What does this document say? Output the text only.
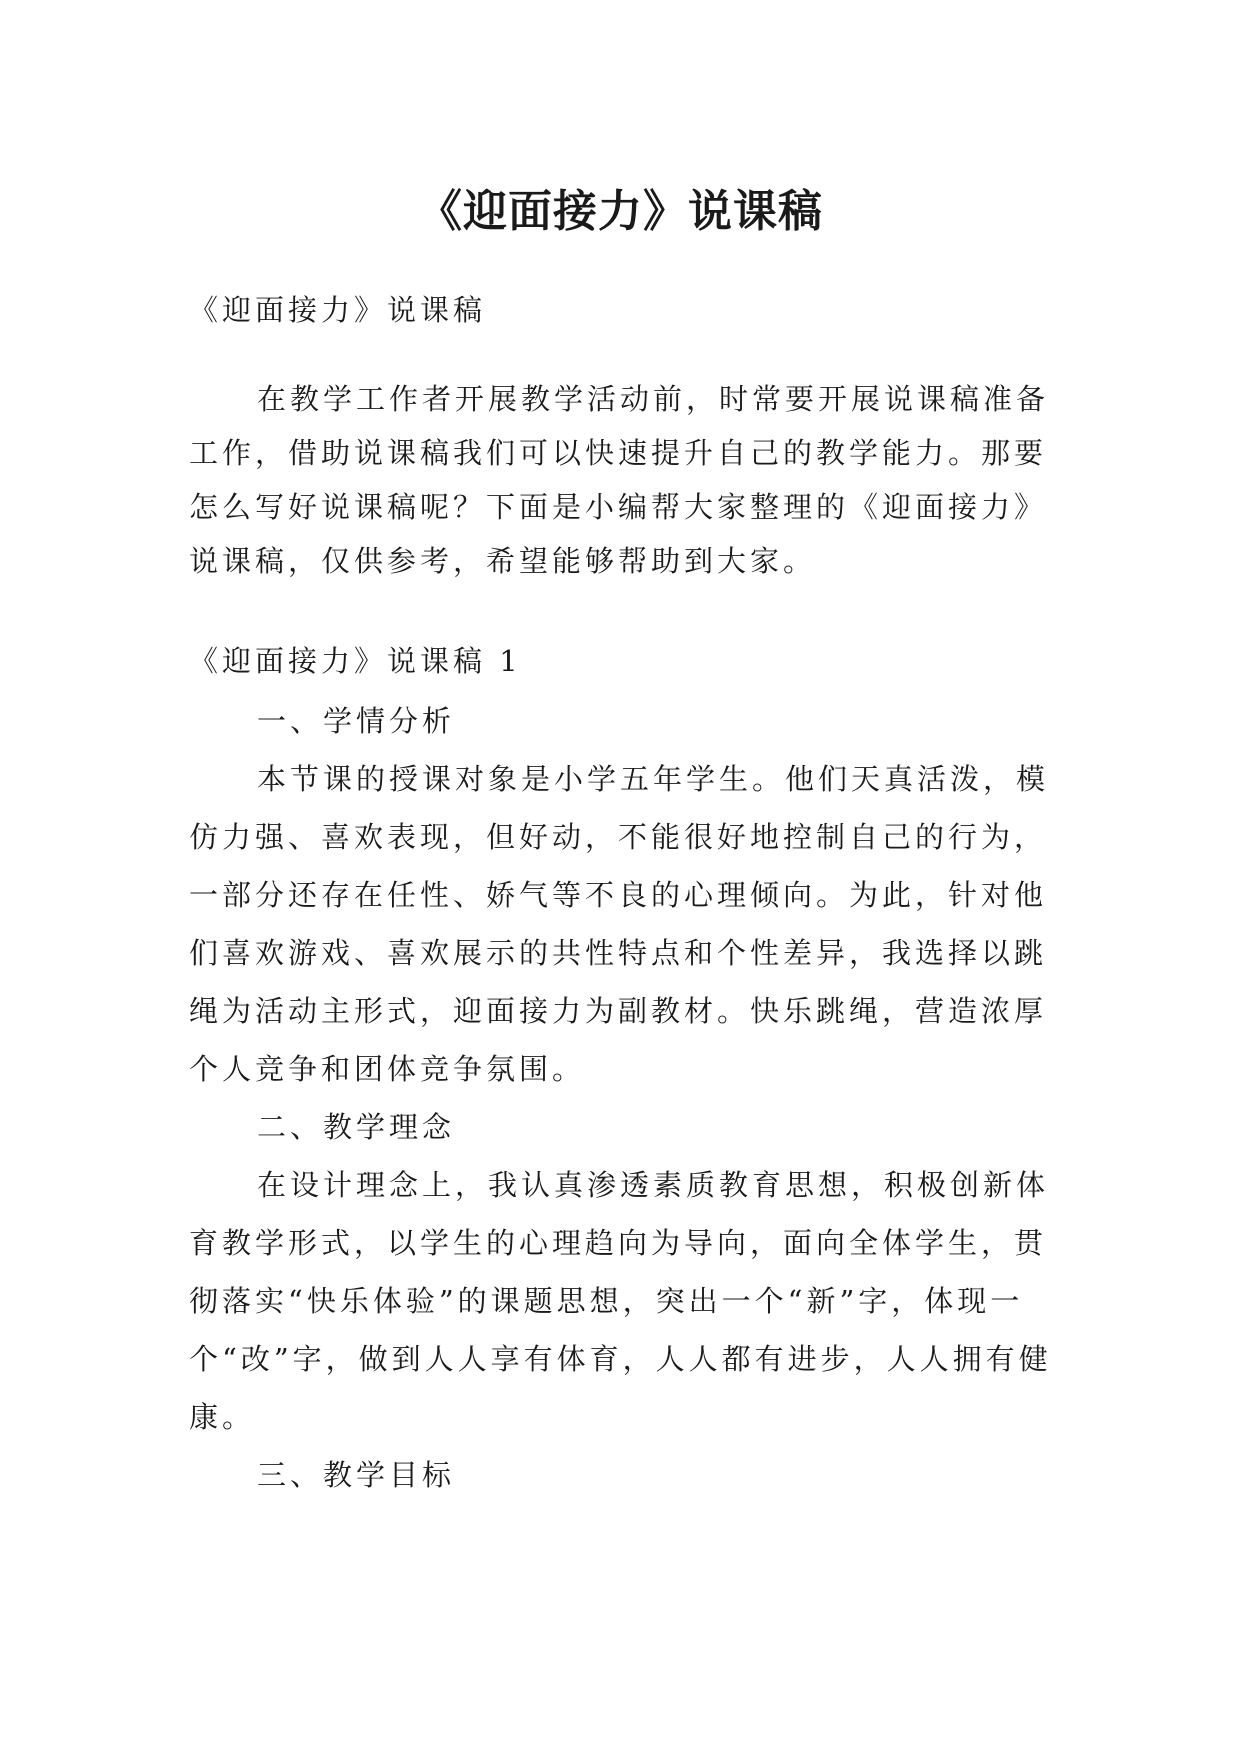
《迎面接力》说课稿

《迎面接力》说课稿

在教学工作者开展教学活动前，时常要开展说课稿准备工作，借助说课稿我们可以快速提升自己的教学能力。那要怎么写好说课稿呢？下面是小编帮大家整理的《迎面接力》说课稿，仅供参考，希望能够帮助到大家。

《迎面接力》说课稿 1

一、学情分析

本节课的授课对象是小学五年学生。他们天真活泼，模仿力强、喜欢表现，但好动，不能很好地控制自己的行为，一部分还存在任性、娇气等不良的心理倾向。为此，针对他们喜欢游戏、喜欢展示的共性特点和个性差异，我选择以跳绳为活动主形式，迎面接力为副教材。快乐跳绳，营造浓厚个人竞争和团体竞争氛围。

二、教学理念

在设计理念上，我认真渗透素质教育思想，积极创新体育教学形式，以学生的心理趋向为导向，面向全体学生，贯彻落实“快乐体验”的课题思想，突出一个“新”字，体现一个“改”字，做到人人享有体育，人人都有进步，人人拥有健康。

三、教学目标
